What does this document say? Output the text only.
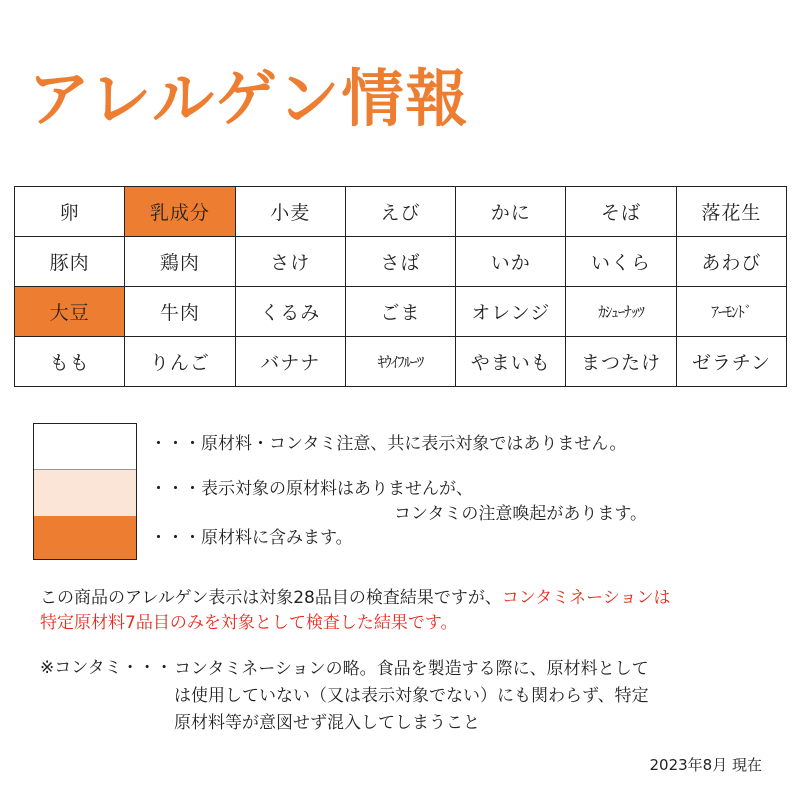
アレルゲン情報
卵	乳成分	小麦	えび	かに	そば	落花生
豚肉	鶏肉	さけ	さば	いか	いくら	あわび
大豆	牛肉	くるみ	ごま	オレンジ	ｶｼｭｰﾅｯﾂ	ｱｰﾓﾝﾄﾞ
もも	りんご	バナナ	ｷｳｲﾌﾙｰﾂ	やまいも	まつたけ	ゼラチン
・・・原材料・コンタミ注意、共に表示対象ではありません。
・・・表示対象の原材料はありませんが、
コンタミの注意喚起があります。
・・・原材料に含みます。
この商品のアレルゲン表示は対象28品目の検査結果ですが、コンタミネーションは
特定原材料7品目のみを対象として検査した結果です。
※コンタミ・・・ コンタミネーションの略。食品を製造する際に、原材料として
は使用していない（又は表示対象でない）にも関わらず、特定
原材料等が意図せず混入してしまうこと
2023年8月 現在
